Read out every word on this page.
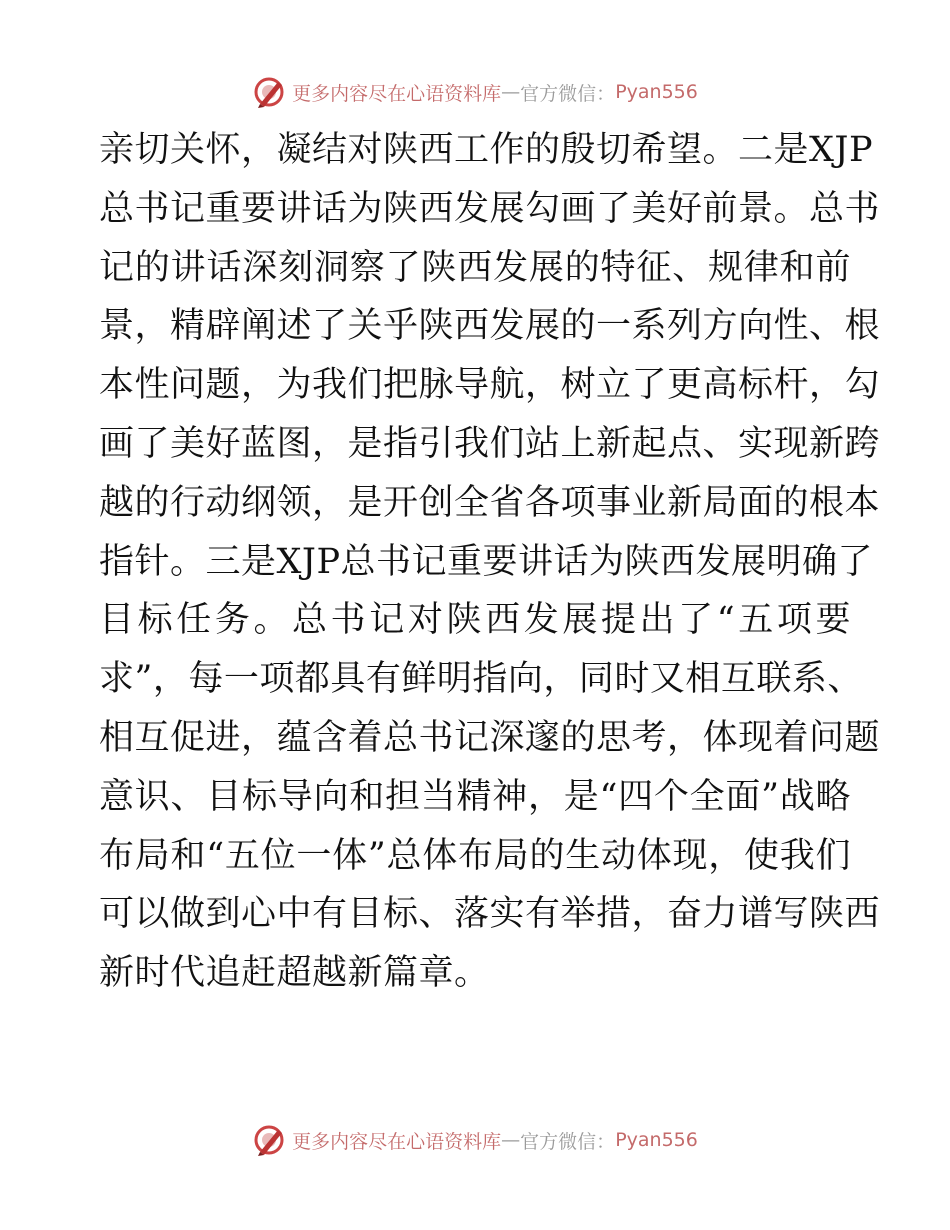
更多内容尽在心语资料库 — 官方微信： Pyan556
亲切关怀，凝结对陕西工作的殷切希望。二是XJP
总书记重要讲话为陕西发展勾画了美好前景。总书
记的讲话深刻洞察了陕西发展的特征、规律和前
景，精辟阐述了关乎陕西发展的一系列方向性、根
本性问题，为我们把脉导航，树立了更高标杆，勾
画了美好蓝图，是指引我们站上新起点、实现新跨
越的行动纲领，是开创全省各项事业新局面的根本
指针。三是XJP总书记重要讲话为陕西发展明确了
目标任务。总书记对陕西发展提出了“五项要
求”，每一项都具有鲜明指向，同时又相互联系、
相互促进，蕴含着总书记深邃的思考，体现着问题
意识、目标导向和担当精神，是“四个全面”战略
布局和“五位一体”总体布局的生动体现，使我们
可以做到心中有目标、落实有举措，奋力谱写陕西
新时代追赶超越新篇章。
更多内容尽在心语资料库 — 官方微信： Pyan556
